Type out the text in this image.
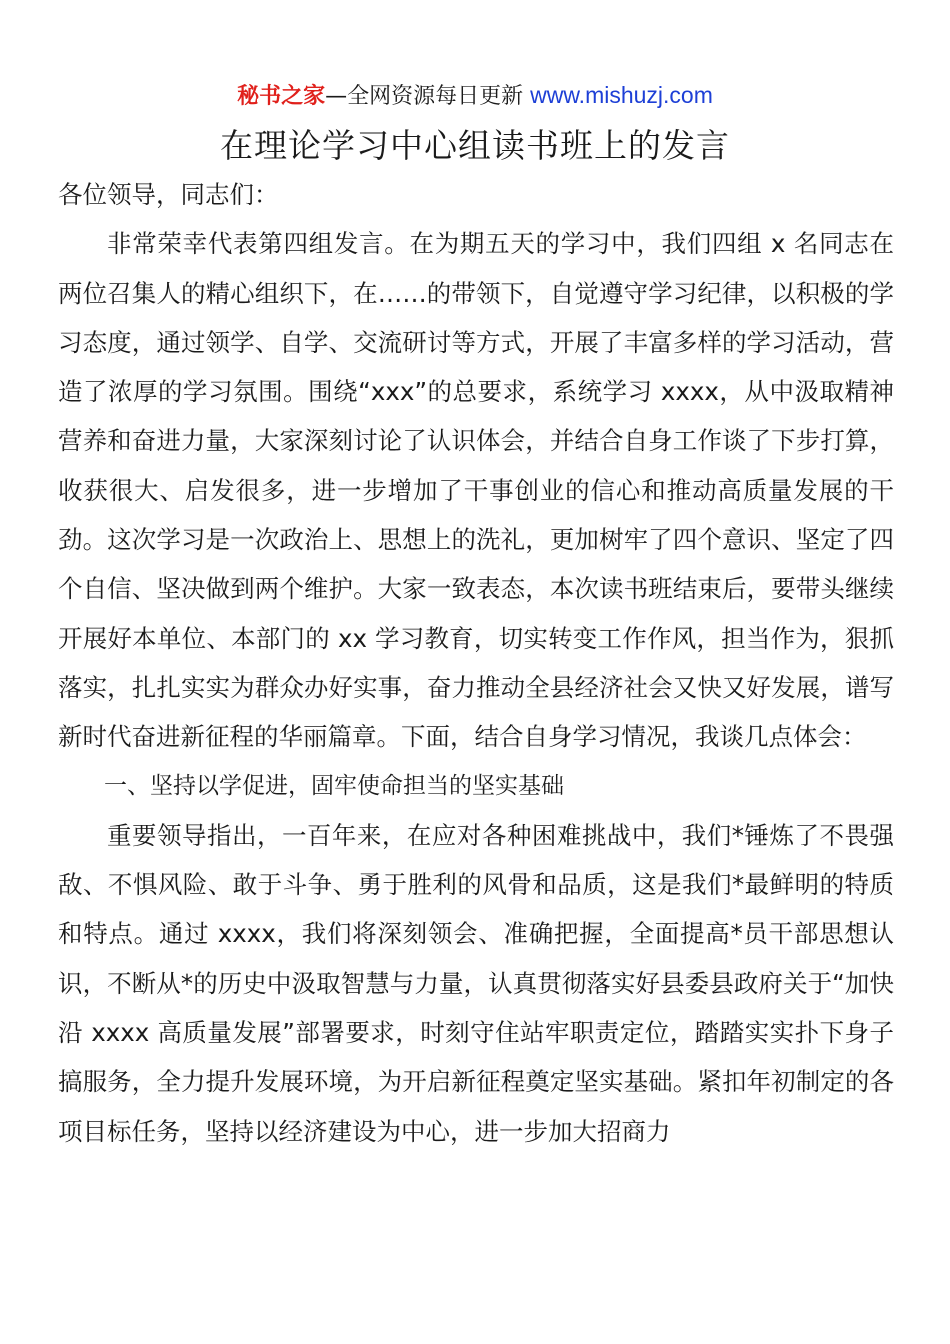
秘书之家—全网资源每日更新 www.mishuzj.com
在理论学习中心组读书班上的发言

各位领导，同志们：

非常荣幸代表第四组发言。在为期五天的学习中，我们四组 x 名同志在两位召集人的精心组织下，在……的带领下，自觉遵守学习纪律，以积极的学习态度，通过领学、自学、交流研讨等方式，开展了丰富多样的学习活动，营造了浓厚的学习氛围。围绕“xxx”的总要求，系统学习 xxxx，从中汲取精神营养和奋进力量，大家深刻讨论了认识体会，并结合自身工作谈了下步打算，收获很大、启发很多，进一步增加了干事创业的信心和推动高质量发展的干劲。这次学习是一次政治上、思想上的洗礼，更加树牢了四个意识、坚定了四个自信、坚决做到两个维护。大家一致表态，本次读书班结束后，要带头继续开展好本单位、本部门的 xx 学习教育，切实转变工作作风，担当作为，狠抓落实，扎扎实实为群众办好实事，奋力推动全县经济社会又快又好发展，谱写新时代奋进新征程的华丽篇章。下面，结合自身学习情况，我谈几点体会：

一、坚持以学促进，固牢使命担当的坚实基础

重要领导指出，一百年来，在应对各种困难挑战中，我们*锤炼了不畏强敌、不惧风险、敢于斗争、勇于胜利的风骨和品质，这是我们*最鲜明的特质和特点。通过 xxxx，我们将深刻领会、准确把握，全面提高*员干部思想认识，不断从*的历史中汲取智慧与力量，认真贯彻落实好县委县政府关于“加快沿 xxxx 高质量发展”部署要求，时刻守住站牢职责定位，踏踏实实扑下身子搞服务，全力提升发展环境，为开启新征程奠定坚实基础。紧扣年初制定的各项目标任务，坚持以经济建设为中心，进一步加大招商力
